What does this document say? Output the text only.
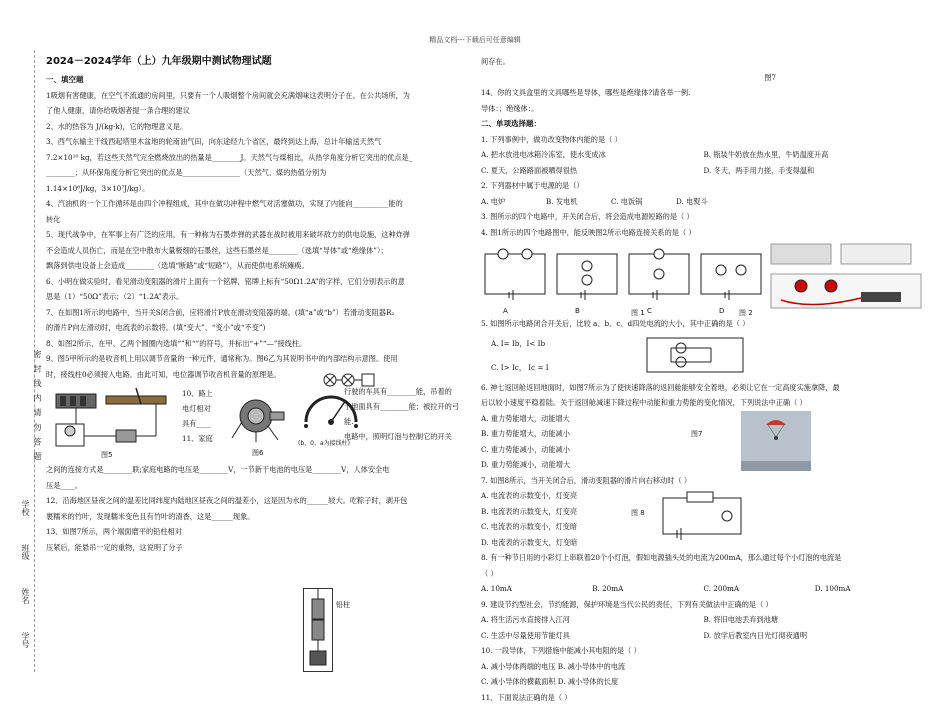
精品文档---下载后可任意编辑
密 封 线 内 请 勿 答 题
学校
班级
姓名
学号
2024－2024学年（上）九年级期中测试物理试题
一、填空题
1吸烟有害健康，在空气不流通的房间里，只要有一个人吸烟整个房间就会充满烟味这表明分子在。在公共场所，为
了他人健康，请你给吸烟者提一条合理的建议
2、水的热容为 J/(kg·k)，它的物理意义是。
3、西气东输主干线西起塔里木盆地的轮南油气田，向东途经九个省区，最终到达上海，总计年输送天然气
7.2×10¹⁰ kg，若这些天然气完全燃烧放出的热量是________J。天然气与煤相比，从热学角度分析它突出的优点是_
________；从环保角度分析它突出的优点是________________（天然气、煤的热值分别为
1.14×10⁸J/kg，3×10⁷J/kg）。
4、汽油机的一个工作循环是由四个冲程组成，其中在做功冲程中燃气对活塞做功，实现了内能向__________能的
转化
5、现代战争中，在军事上有广泛的应用，有一种称为石墨炸弹的武器在战时被用来破坏敌方的供电设施，这种炸弹
不会造成人员伤亡，而是在空中散布大量极细的石墨丝，这些石墨丝是________（选填“导体”或“绝缘体”）；
飘落到供电设备上会造成________（选填“断路”或“短路”），从而使供电系统瘫痪。
6、小明在做实验时，看见滑动变阻器的滑片上面有一个铭牌，铭牌上标有“50Ω1.2A”的字样，它们分别表示的意
思是（1）“50Ω”表示；（2）“1.2A”表示。
7、在如图1所示的电路中，当开关S闭合前，应将滑片P放在滑动变阻器的端。(填“a”或“b”）若滑动变阻器R₂
的滑片P向左滑动时，电流表的示数将。(填“变大”、“变小”或“不变”)
8、如图2所示，在甲、乙两个圆圈内选填“”和“”的符号，并标出“+”“—”接线柱。
9、图5甲所示的是收音机上用以调节音量的一种元件，通常称为。图6乙为其说明书中的内部结构示意图。使用
时，接线柱0必须接入电路。由此可知，电位器调节收音机音量的原理是。
图5
10、路上
电灯相对
具有____
11、家庭
图6
(b、0、a为接线柱)
行驶的车具有________能，吊着的
于地面具有________能；被拉开的弓
能.
电路中，照明灯泡与控制它的开关
之间的连接方式是________联;家庭电路的电压是________V，一节新干电池的电压是________V，人体安全电
压是____。
12、沿海地区昼夜之间的温差比同纬度内陆地区昼夜之间的温差小，这是因为水的______较大。吃粽子时，剥开包
裹糯米的竹叶，发现糯米变色且有竹叶的清香，这是______现象。
13、如图7所示，两个端面磨平的铅柱相对
压紧后，能悬吊一定的重物，这说明了分子
铅柱
间存在。
图7
14、你的文具盒里的文具哪些是导体，哪些是绝缘体?请各举一例.
导体：；绝缘体：。
二、单项选择题：
1. 下列事例中，做功改变物体内能的是（ ）
A. 把水放进电冰箱冷冻室，使水变成冰	B. 瓶装牛奶放在热水里，牛奶温度升高
C. 夏天，公路路面被晒得很热	D. 冬天，两手用力搓，手变得温和
2. 下列器材中属于电源的是（）
A. 电炉	B. 发电机	C. 电饭锅	D. 电熨斗
3. 图所示的四个电路中，开关闭合后，将会造成电源短路的是（ ）
4. 图1所示的四个电路图中，能反映图2所示电路连接关系的是（ ）
A	B	C	D
图 1	图 2
5. 如图所示电路闭合开关后，比较 a、b、c、d四处电流的大小，其中正确的是（ ）
A. I= Ib，I< Ib
C. I> Ic， Ic = I
6. 神七返回舱返回地面时，如图7所示为了使快速降落的返回舱能够安全着地，必须让它在一定高度实施拿降，最
后以较小速度平稳着陆。关于返回舱减速下降过程中动能和重力势能的变化情况，下列说法中正确（ ）
A. 重力势能增大，动能增大
B. 重力势能增大，动能减小
C. 重力势能减小，动能减小
D. 重力势能减小，动能增大
图7
7. 如图8所示，当开关闭合后，滑动变阻器的滑片向右移动时（ ）
A. 电流表的示数变小，灯变亮
B. 电流表的示数变大，灯变亮
C. 电流表的示数变小，灯变暗
D. 电流表的示数变大，灯变暗
图 8
8. 有一种节日用的小彩灯上串联着20个小灯泡，假如电源插头处的电流为200mA，那么通过每个小灯泡的电流是
（ ）
A. 10mA	B. 20mA	C. 200mA	D. 100mA
9. 建设节约型社会，节约能源，保护环境是当代公民的责任，下列有关做法中正确的是（ ）
A. 将生活污水直接排入江河	B. 将旧电池丢弃到池塘
C. 生活中尽量使用节能灯具	D. 放学后教室内日光灯彻夜通明
10. 一段导体，下列措施中能减小其电阻的是（ ）
A. 减小导体两端的电压 B. 减小导体中的电流
C. 减小导体的横截面积 D. 减小导体的长度
11、下面说法正确的是（ ）
